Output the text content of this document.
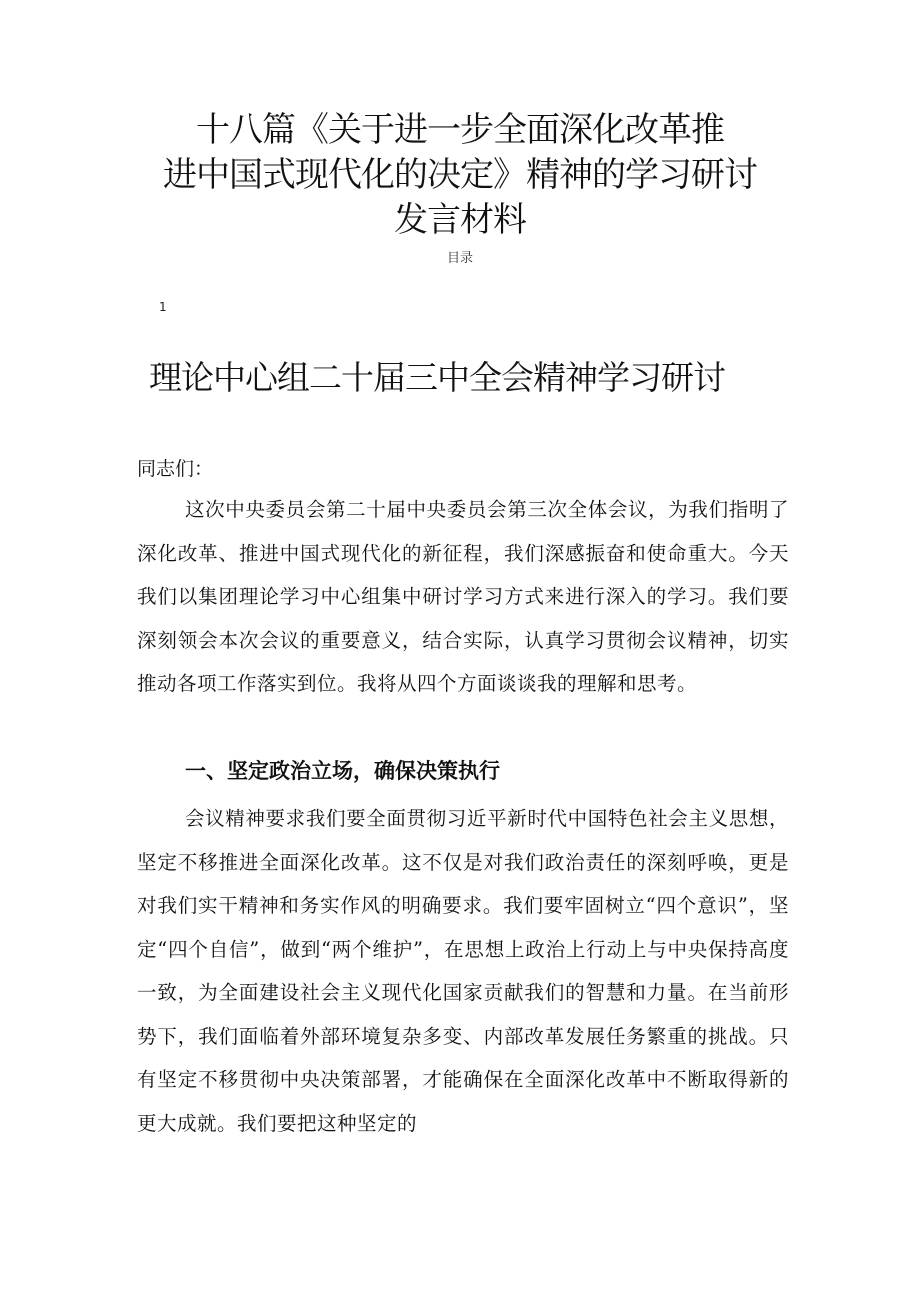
十八篇《关于进一步全面深化改革推
进中国式现代化的决定》精神的学习研讨
发言材料
目录
1
理论中心组二十届三中全会精神学习研讨
同志们：

这次中央委员会第二十届中央委员会第三次全体会议，为我们指明了深化改革、推进中国式现代化的新征程，我们深感振奋和使命重大。今天我们以集团理论学习中心组集中研讨学习方式来进行深入的学习。我们要深刻领会本次会议的重要意义，结合实际，认真学习贯彻会议精神，切实推动各项工作落实到位。我将从四个方面谈谈我的理解和思考。

一、坚定政治立场，确保决策执行

会议精神要求我们要全面贯彻习近平新时代中国特色社会主义思想，坚定不移推进全面深化改革。这不仅是对我们政治责任的深刻呼唤，更是对我们实干精神和务实作风的明确要求。我们要牢固树立“四个意识”，坚定“四个自信”，做到“两个维护”，在思想上政治上行动上与中央保持高度一致，为全面建设社会主义现代化国家贡献我们的智慧和力量。在当前形势下，我们面临着外部环境复杂多变、内部改革发展任务繁重的挑战。只有坚定不移贯彻中央决策部署，才能确保在全面深化改革中不断取得新的更大成就。我们要把这种坚定的
